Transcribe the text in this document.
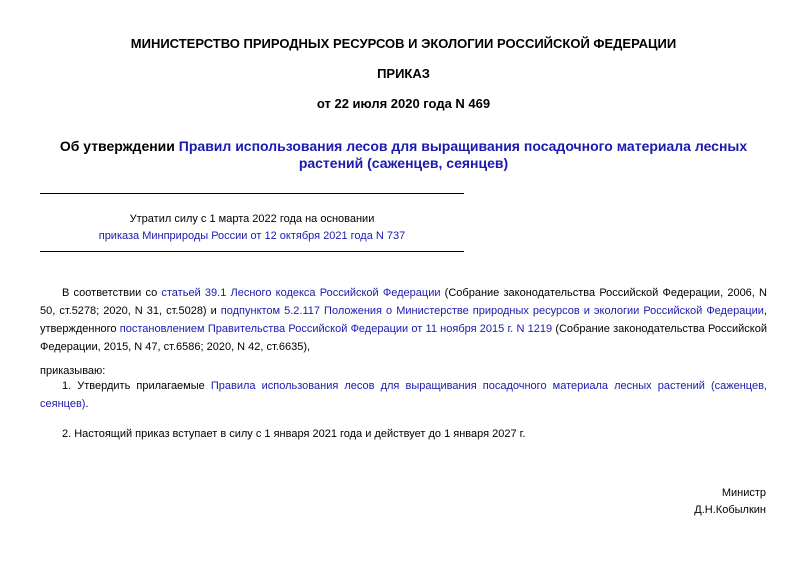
МИНИСТЕРСТВО ПРИРОДНЫХ РЕСУРСОВ И ЭКОЛОГИИ РОССИЙСКОЙ ФЕДЕРАЦИИ
ПРИКАЗ
от 22 июля 2020 года N 469
Об утверждении Правил использования лесов для выращивания посадочного материала лесных растений (саженцев, сеянцев)
Утратил силу с 1 марта 2022 года на основании
приказа Минприроды России от 12 октября 2021 года N 737
В соответствии со статьей 39.1 Лесного кодекса Российской Федерации (Собрание законодательства Российской Федерации, 2006, N 50, ст.5278; 2020, N 31, ст.5028) и подпунктом 5.2.117 Положения о Министерстве природных ресурсов и экологии Российской Федерации, утвержденного постановлением Правительства Российской Федерации от 11 ноября 2015 г. N 1219 (Собрание законодательства Российской Федерации, 2015, N 47, ст.6586; 2020, N 42, ст.6635),
приказываю:
1. Утвердить прилагаемые Правила использования лесов для выращивания посадочного материала лесных растений (саженцев, сеянцев).
2. Настоящий приказ вступает в силу с 1 января 2021 года и действует до 1 января 2027 г.
Министр
Д.Н.Кобылкин
